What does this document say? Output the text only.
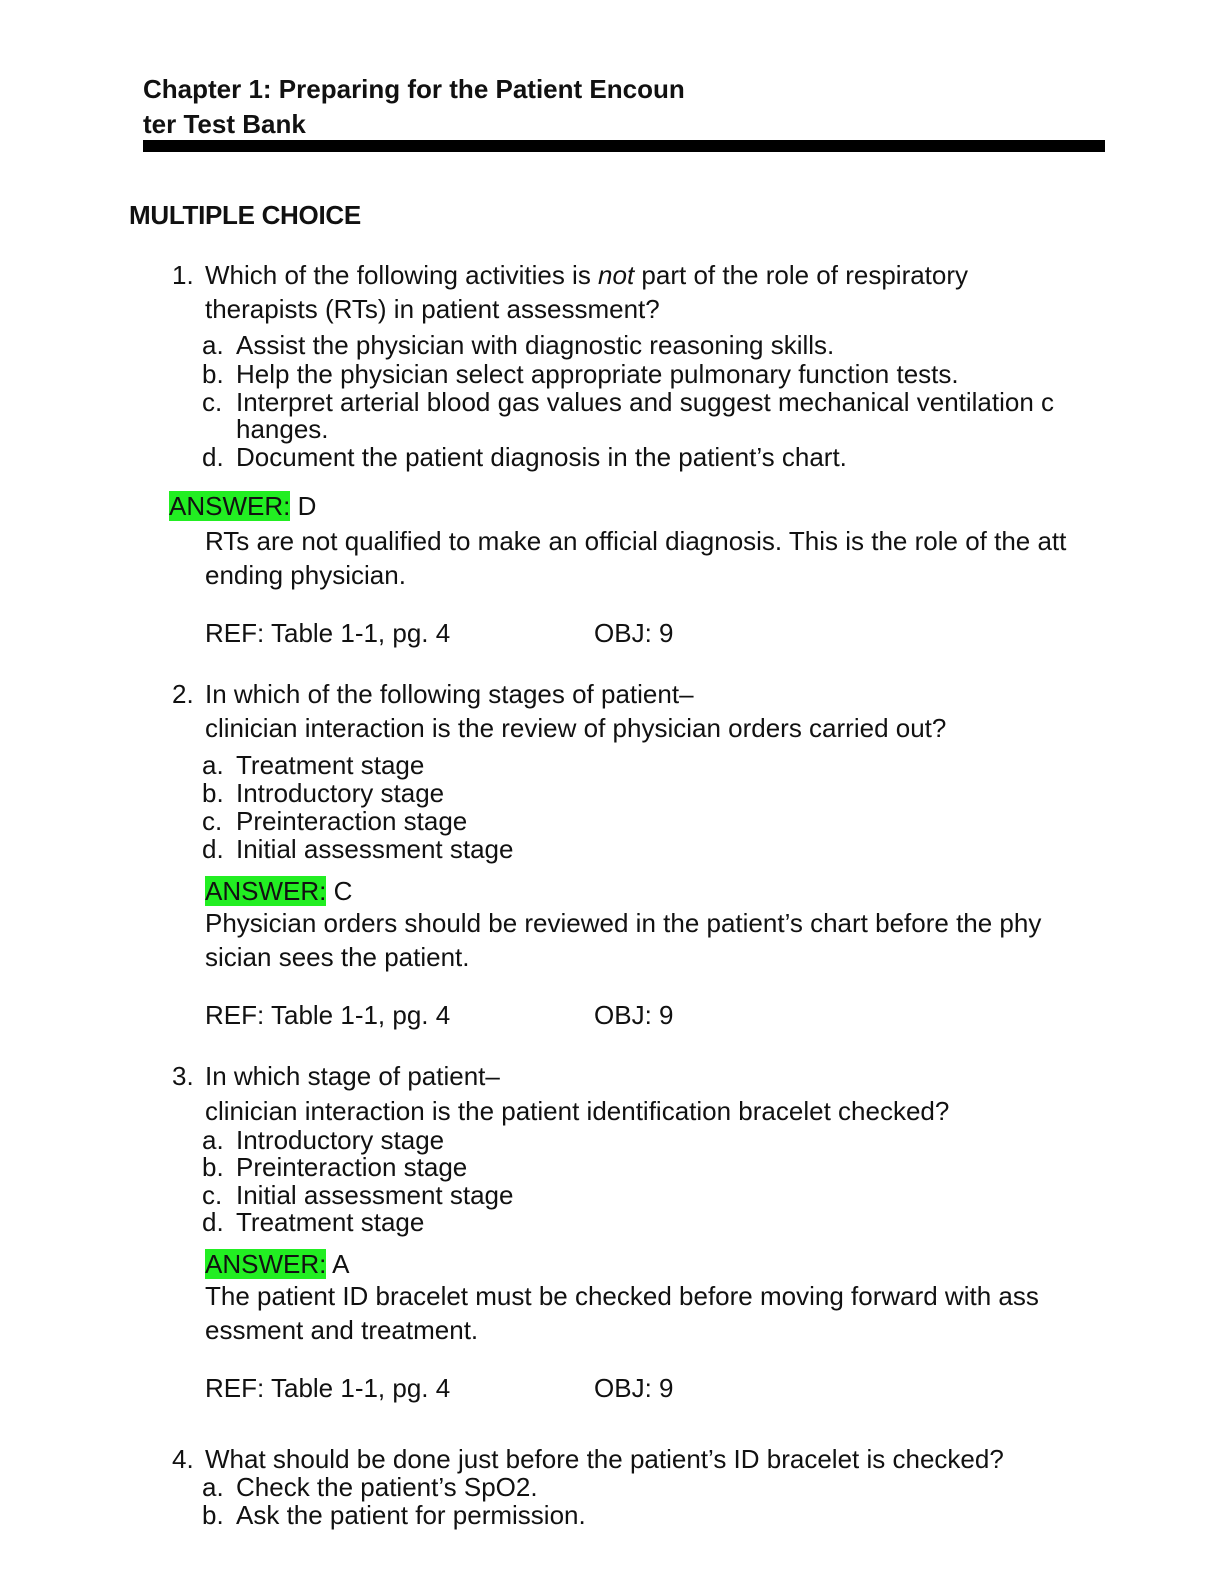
Chapter 1: Preparing for the Patient Encoun
ter Test Bank
MULTIPLE CHOICE
1. Which of the following activities is not part of the role of respiratory
therapists (RTs) in patient assessment?
a. Assist the physician with diagnostic reasoning skills.
b. Help the physician select appropriate pulmonary function tests.
c. Interpret arterial blood gas values and suggest mechanical ventilation c
hanges.
d. Document the patient diagnosis in the patient’s chart.
ANSWER: D
RTs are not qualified to make an official diagnosis. This is the role of the att
ending physician.
REF: Table 1-1, pg. 4	OBJ: 9
2. In which of the following stages of patient–
clinician interaction is the review of physician orders carried out?
a. Treatment stage
b. Introductory stage
c. Preinteraction stage
d. Initial assessment stage
ANSWER: C
Physician orders should be reviewed in the patient’s chart before the phy
sician sees the patient.
REF: Table 1-1, pg. 4	OBJ: 9
3. In which stage of patient–
clinician interaction is the patient identification bracelet checked?
a. Introductory stage
b. Preinteraction stage
c. Initial assessment stage
d. Treatment stage
ANSWER: A
The patient ID bracelet must be checked before moving forward with ass
essment and treatment.
REF: Table 1-1, pg. 4	OBJ: 9
4. What should be done just before the patient’s ID bracelet is checked?
a. Check the patient’s SpO2.
b. Ask the patient for permission.
